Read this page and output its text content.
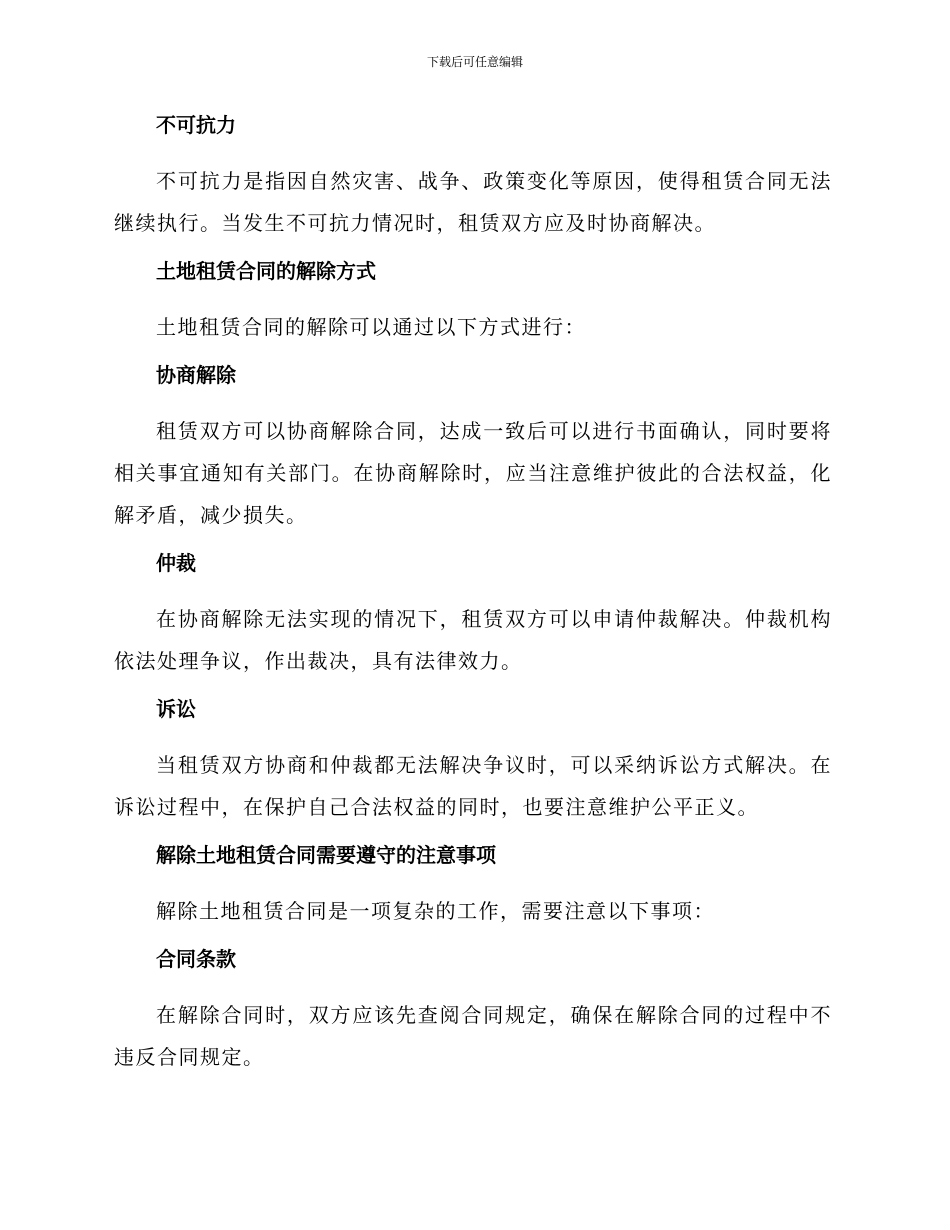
下载后可任意编辑
不可抗力

不可抗力是指因自然灾害、战争、政策变化等原因，使得租赁合同无法继续执行。当发生不可抗力情况时，租赁双方应及时协商解决。

土地租赁合同的解除方式

土地租赁合同的解除可以通过以下方式进行：

协商解除

租赁双方可以协商解除合同，达成一致后可以进行书面确认，同时要将相关事宜通知有关部门。在协商解除时，应当注意维护彼此的合法权益，化解矛盾，减少损失。

仲裁

在协商解除无法实现的情况下，租赁双方可以申请仲裁解决。仲裁机构依法处理争议，作出裁决，具有法律效力。

诉讼

当租赁双方协商和仲裁都无法解决争议时，可以采纳诉讼方式解决。在诉讼过程中，在保护自己合法权益的同时，也要注意维护公平正义。

解除土地租赁合同需要遵守的注意事项

解除土地租赁合同是一项复杂的工作，需要注意以下事项：

合同条款

在解除合同时，双方应该先查阅合同规定，确保在解除合同的过程中不违反合同规定。
